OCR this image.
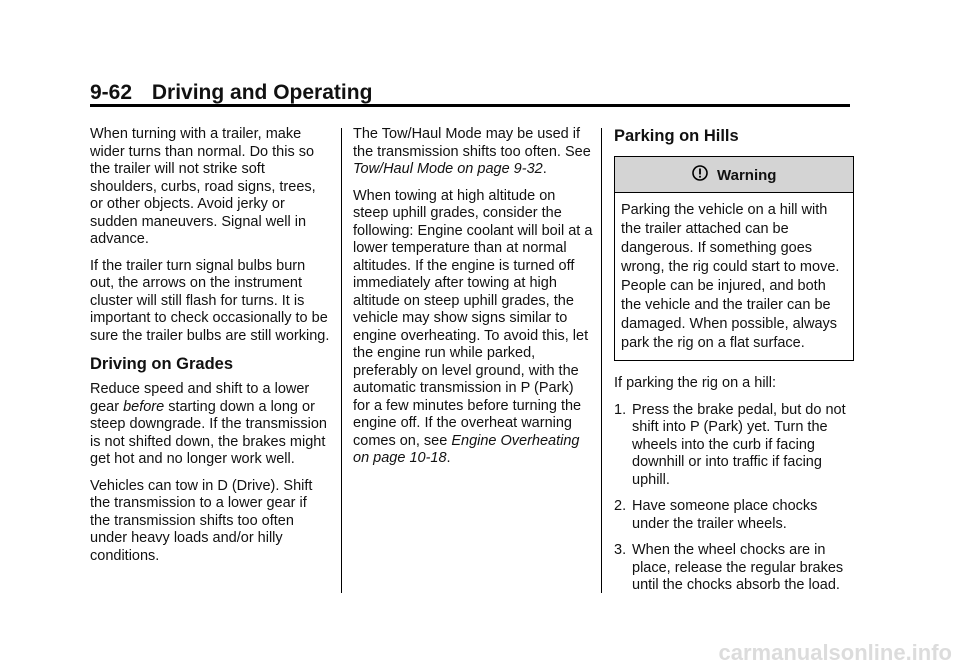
9-62 Driving and Operating

When turning with a trailer, make wider turns than normal. Do this so the trailer will not strike soft shoulders, curbs, road signs, trees, or other objects. Avoid jerky or sudden maneuvers. Signal well in advance.

If the trailer turn signal bulbs burn out, the arrows on the instrument cluster will still flash for turns. It is important to check occasionally to be sure the trailer bulbs are still working.

Driving on Grades

Reduce speed and shift to a lower gear before starting down a long or steep downgrade. If the transmission is not shifted down, the brakes might get hot and no longer work well.

Vehicles can tow in D (Drive). Shift the transmission to a lower gear if the transmission shifts too often under heavy loads and/or hilly conditions.

The Tow/Haul Mode may be used if the transmission shifts too often. See Tow/Haul Mode on page 9-32.

When towing at high altitude on steep uphill grades, consider the following: Engine coolant will boil at a lower temperature than at normal altitudes. If the engine is turned off immediately after towing at high altitude on steep uphill grades, the vehicle may show signs similar to engine overheating. To avoid this, let the engine run while parked, preferably on level ground, with the automatic transmission in P (Park) for a few minutes before turning the engine off. If the overheat warning comes on, see Engine Overheating on page 10-18.

Parking on Hills
Warning
Parking the vehicle on a hill with the trailer attached can be dangerous. If something goes wrong, the rig could start to move. People can be injured, and both the vehicle and the trailer can be damaged. When possible, always park the rig on a flat surface.

If parking the rig on a hill:

1. Press the brake pedal, but do not shift into P (Park) yet. Turn the wheels into the curb if facing downhill or into traffic if facing uphill.
2. Have someone place chocks under the trailer wheels.
3. When the wheel chocks are in place, release the regular brakes until the chocks absorb the load.
carmanualsonline.info
